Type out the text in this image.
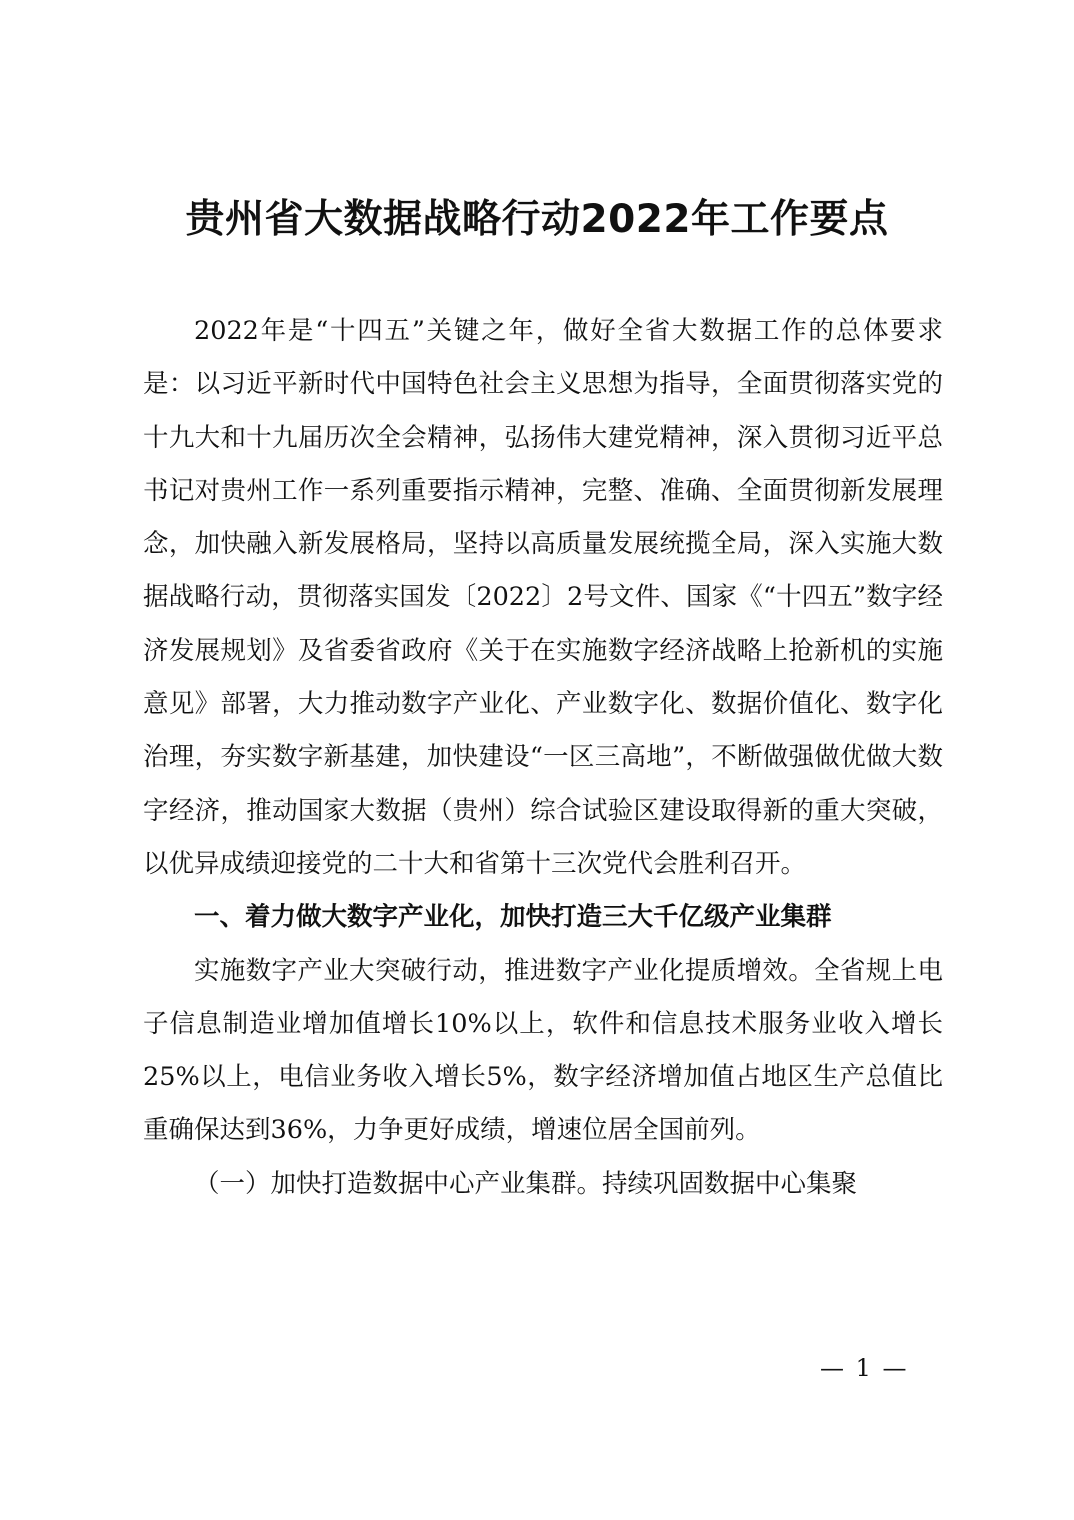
贵州省大数据战略行动2022年工作要点

2022年是“十四五”关键之年，做好全省大数据工作的总体要求是：以习近平新时代中国特色社会主义思想为指导，全面贯彻落实党的十九大和十九届历次全会精神，弘扬伟大建党精神，深入贯彻习近平总书记对贵州工作一系列重要指示精神，完整、准确、全面贯彻新发展理念，加快融入新发展格局，坚持以高质量发展统揽全局，深入实施大数据战略行动，贯彻落实国发〔2022〕2号文件、国家《“十四五”数字经济发展规划》及省委省政府《关于在实施数字经济战略上抢新机的实施意见》部署，大力推动数字产业化、产业数字化、数据价值化、数字化治理，夯实数字新基建，加快建设“一区三高地”，不断做强做优做大数字经济，推动国家大数据（贵州）综合试验区建设取得新的重大突破，以优异成绩迎接党的二十大和省第十三次党代会胜利召开。

一、着力做大数字产业化，加快打造三大千亿级产业集群

实施数字产业大突破行动，推进数字产业化提质增效。全省规上电子信息制造业增加值增长10%以上，软件和信息技术服务业收入增长25%以上，电信业务收入增长5%，数字经济增加值占地区生产总值比重确保达到36%，力争更好成绩，增速位居全国前列。

（一）加快打造数据中心产业集群。持续巩固数据中心集聚

— 1 —
